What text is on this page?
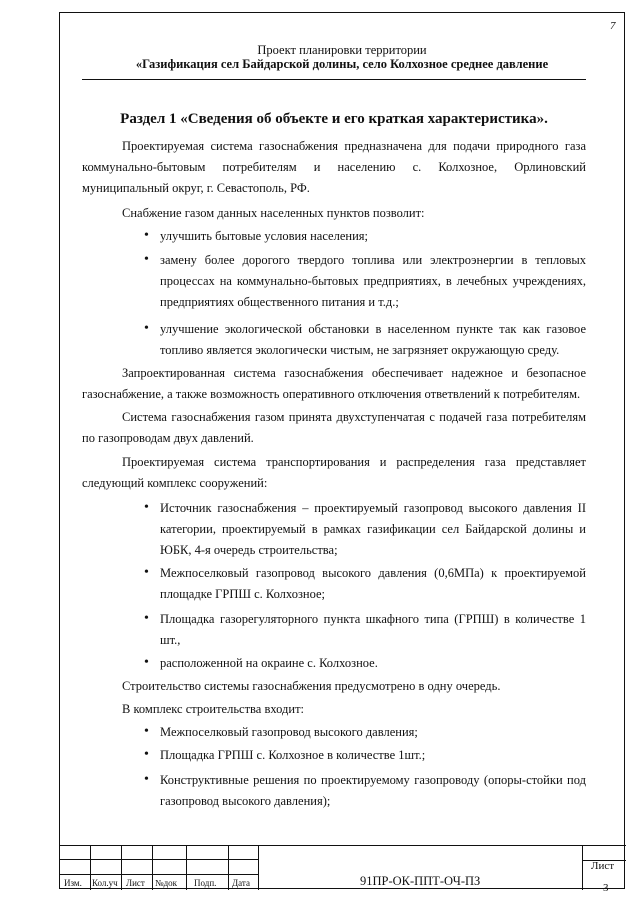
7
Проект планировки территории
«Газификация сел Байдарской долины, село Колхозное среднее давление
Раздел 1 «Сведения об объекте и его краткая характеристика».
Проектируемая система газоснабжения предназначена для подачи природного газа
коммунально-бытовым потребителям и населению с. Колхозное, Орлиновский
муниципальный округ, г. Севастополь, РФ.
Снабжение газом данных населенных пунктов позволит:
• улучшить бытовые условия населения;
• замену более дорогого твердого топлива или электроэнергии в тепловых
процессах на коммунально-бытовых предприятиях, в лечебных учреждениях,
предприятиях общественного питания и т.д.;
• улучшение экологической обстановки в населенном пункте так как газовое
топливо является экологически чистым, не загрязняет окружающую среду.
Запроектированная система газоснабжения обеспечивает надежное и безопасное
газоснабжение, а также возможность оперативного отключения ответвлений к потребителям.
Система газоснабжения газом принята двухступенчатая с подачей газа потребителям
по газопроводам двух давлений.
Проектируемая система транспортирования и распределения газа представляет
следующий комплекс сооружений:
• Источник газоснабжения – проектируемый газопровод высокого давления II
категории, проектируемый в рамках газификации сел Байдарской долины и
ЮБК, 4-я очередь строительства;
• Межпоселковый газопровод высокого давления (0,6МПа) к проектируемой
площадке ГРПШ с. Колхозное;
• Площадка газорегуляторного пункта шкафного типа (ГРПШ) в количестве 1
шт.,
• расположенной на окраине с. Колхозное.
Строительство системы газоснабжения предусмотрено в одну очередь.
В комплекс строительства входит:
• Межпоселковый газопровод высокого давления;
• Площадка ГРПШ с. Колхозное в количестве 1шт.;
• Конструктивные решения по проектируемому газопроводу (опоры-стойки под
газопровод высокого давления);
Изм. Кол.уч Лист №док Подп. Дата	91ПР-ОК-ППТ-ОЧ-ПЗ
Лист
3
